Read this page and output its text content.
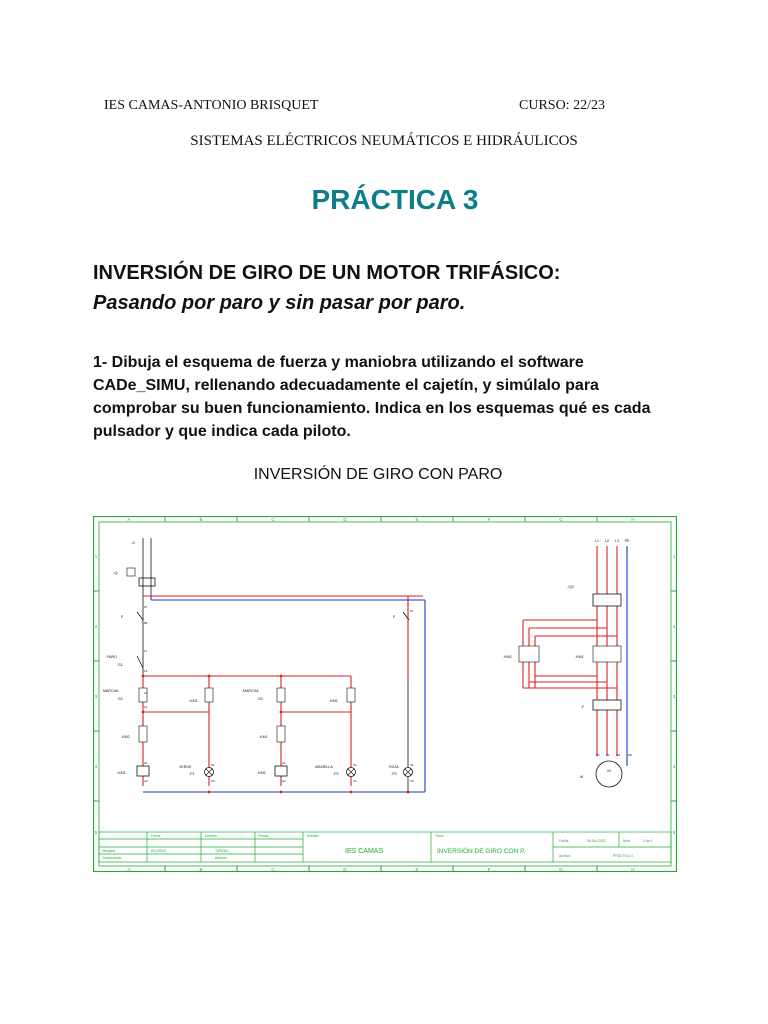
IES CAMAS-ANTONIO BRISQUET	CURSO: 22/23
SISTEMAS ELÉCTRICOS NEUMÁTICOS E HIDRÁULICOS
PRÁCTICA 3
INVERSIÓN DE GIRO DE UN MOTOR TRIFÁSICO:
Pasando por paro y sin pasar por paro.
1- Dibuja el esquema de fuerza y maniobra utilizando el software CADe_SIMU, rellenando adecuadamente el cajetín, y simúlalo para comprobar su buen funcionamiento. Indica en los esquemas qué es cada pulsador y que indica cada piloto.
INVERSIÓN DE GIRO CON PARO
A	B	C	D	E	F	G	H
A	B	C	D	E	F	G	H
1
2
3
4
5
1
2
3
4
5
-X
-Q
F	F
PARO
-S1
MARCHA
-S2	-KM1
MARCHA
-S3	-KM2
-KM2	-KM1
-KM1	-KM2
VERDE
-P1
AMARILLA
-P2
ROJA
-P3
97
98
11
12
13
14
A1
A2
X1
X2
A1
A2
X1
X2
97
X1
X2
L1 L2 L3 PE
-Q2
-KM2	-KM1
-F
M
-M
U1 V1 W1	PE
Fecha	Nombre	Firmas	Entidad	Título
Dibujado	6/12/2022	TARKUS
Comprobado	Antonio
Fecha	06-Dic-2022	Núm	1 de 1
Archivo	PRÁCTICA 3
IES CAMAS	INVERSIÓN DE GIRO CON P.
